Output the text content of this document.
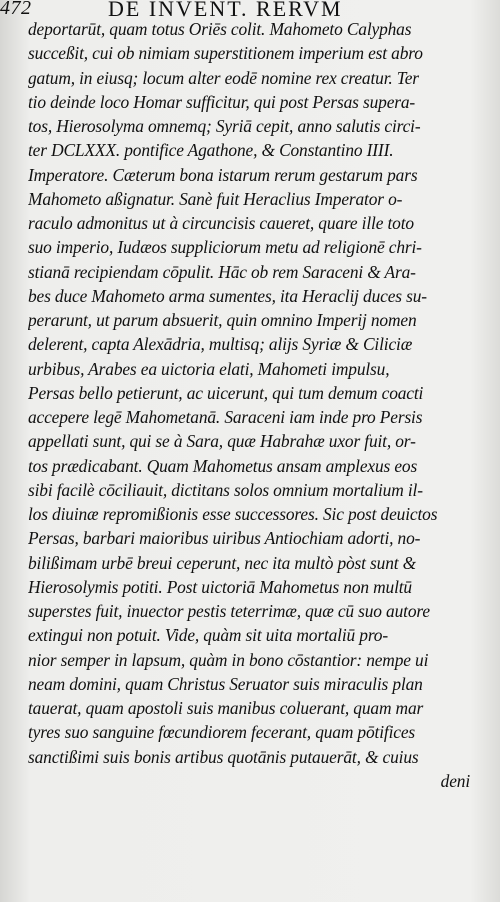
472	DE INVENT. RERVM
deportarūt, quam totus Oriēs colit. Mahometo Calyphas
succeßit, cui ob nimiam superstitionem imperium est abro
gatum, in eiusq; locum alter eodē nomine rex creatur. Ter
tio deinde loco Homar sufficitur, qui post Persas supera-
tos, Hierosolyma omnemq; Syriā cepit, anno salutis circi-
ter DCLXXX. pontifice Agathone, & Constantino IIII.
Imperatore. Cæterum bona istarum rerum gestarum pars
Mahometo aßignatur. Sanè fuit Heraclius Imperator o-
raculo admonitus ut à circuncisis caueret, quare ille toto
suo imperio, Iudæos suppliciorum metu ad religionē chri-
stianā recipiendam cōpulit. Hāc ob rem Saraceni & Ara-
bes duce Mahometo arma sumentes, ita Heraclij duces su-
perarunt, ut parum absuerit, quin omnino Imperij nomen
delerent, capta Alexādria, multisq; alijs Syriæ & Ciliciæ
urbibus, Arabes ea uictoria elati, Mahometi impulsu,
Persas bello petierunt, ac uicerunt, qui tum demum coacti
accepere legē Mahometanā. Saraceni iam inde pro Persis
appellati sunt, qui se à Sara, quæ Habrahæ uxor fuit, or-
tos prædicabant. Quam Mahometus ansam amplexus eos
sibi facilè cōciliauit, dictitans solos omnium mortalium il-
los diuinæ repromißionis esse successores. Sic post deuictos
Persas, barbari maioribus uiribus Antiochiam adorti, no-
bilißimam urbē breui ceperunt, nec ita multò pòst sunt &
Hierosolymis potiti. Post uictoriā Mahometus non multū
superstes fuit, inuector pestis teterrimæ, quæ cū suo autore
extingui non potuit. Vide, quàm sit uita mortaliū pro-
nior semper in lapsum, quàm in bono cōstantior: nempe ui
neam domini, quam Christus Seruator suis miraculis plan
tauerat, quam apostoli suis manibus coluerant, quam mar
tyres suo sanguine fœcundiorem fecerant, quam pōtifices
sanctißimi suis bonis artibus quotānis putauerāt, & cuius
deni
